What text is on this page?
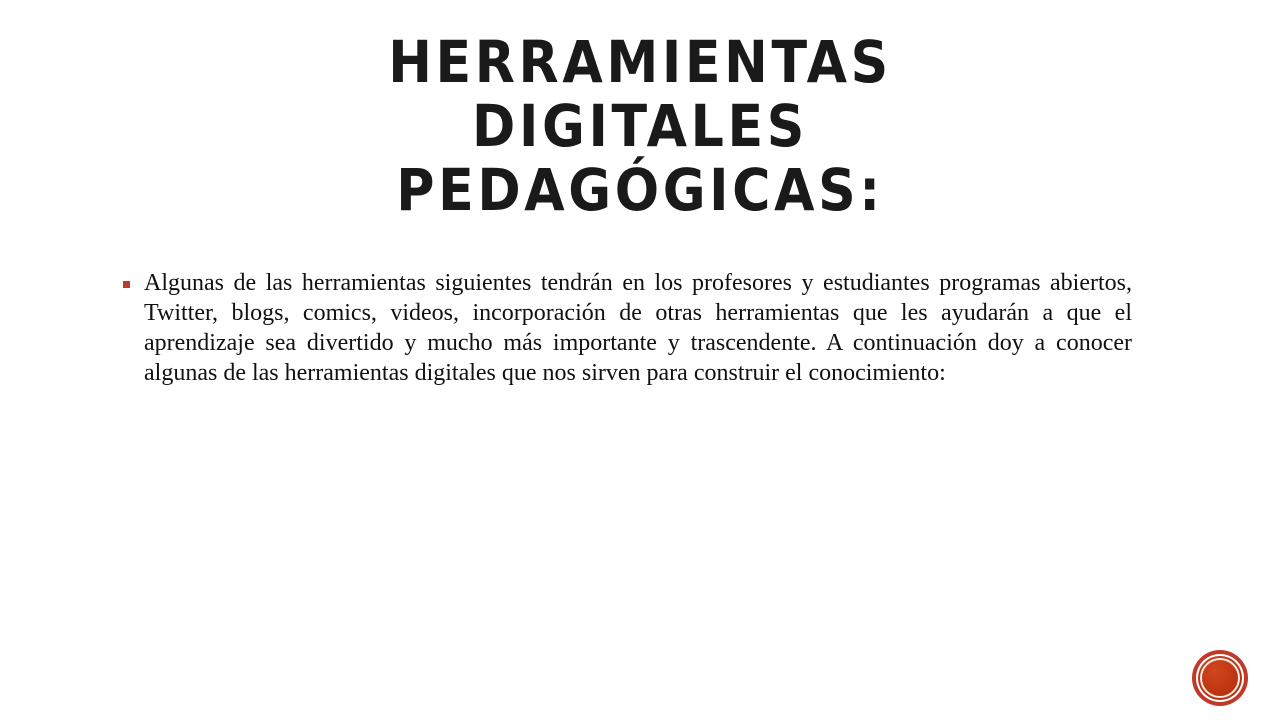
HERRAMIENTAS DIGITALES
PEDAGÓGICAS:

Algunas de las herramientas siguientes tendrán en los profesores y estudiantes programas abiertos, Twitter, blogs, comics, videos, incorporación de otras herramientas que les ayudarán a que el aprendizaje sea divertido y mucho más importante y trascendente. A continuación doy a conocer algunas de las herramientas digitales que nos sirven para construir el conocimiento:
